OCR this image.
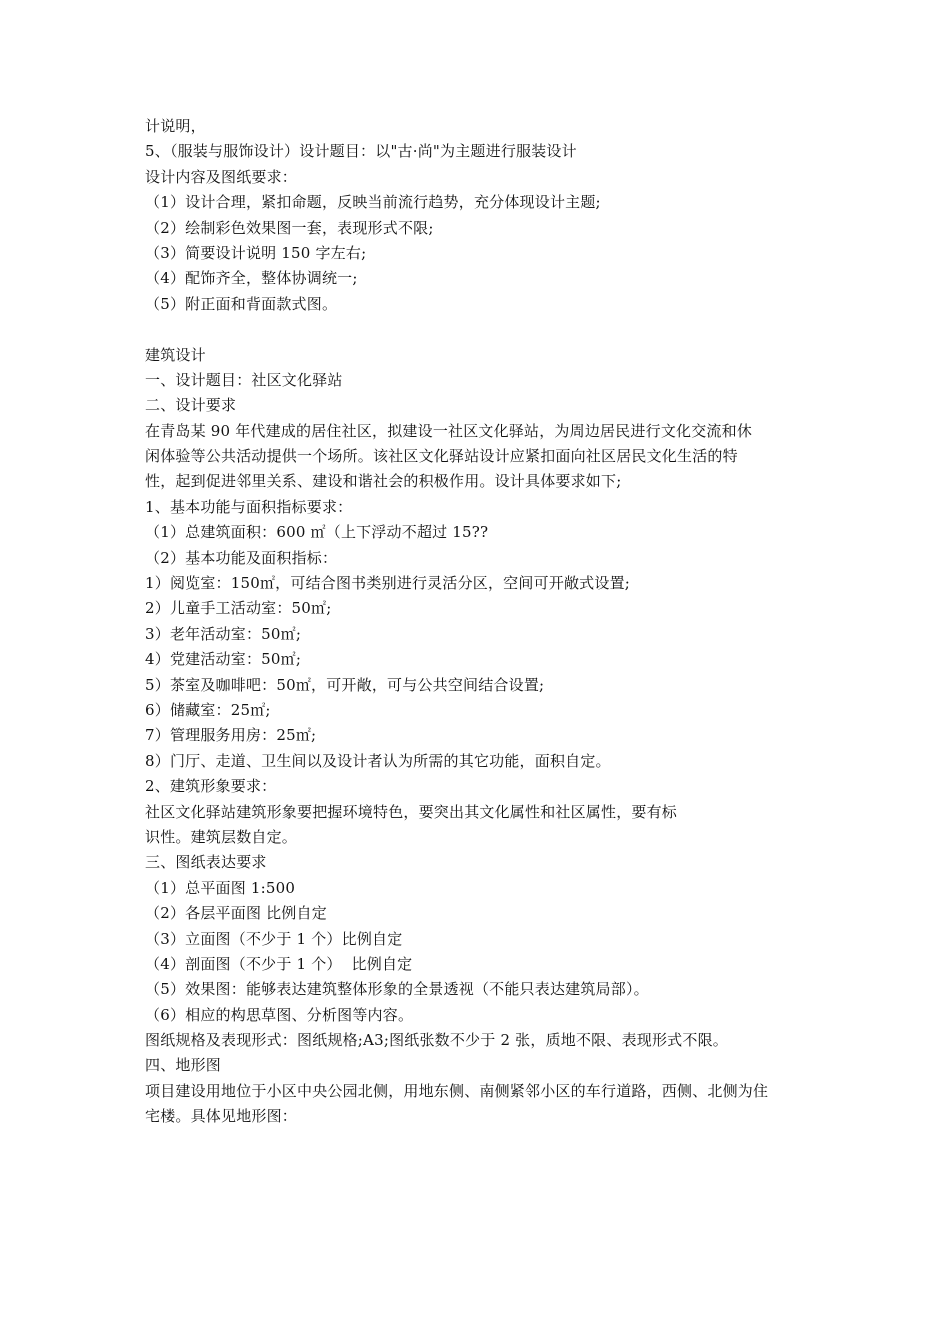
计说明，
5、（服装与服饰设计）设计题目：以"古·尚"为主题进行服装设计
设计内容及图纸要求：
（1）设计合理，紧扣命题，反映当前流行趋势，充分体现设计主题;
（2）绘制彩色效果图一套，表现形式不限;
（3）简要设计说明 150 字左右;
（4）配饰齐全，整体协调统一;
（5）附正面和背面款式图。
建筑设计
一、设计题目：社区文化驿站
二、设计要求
在青岛某 90 年代建成的居住社区，拟建设一社区文化驿站，为周边居民进行文化交流和休
闲体验等公共活动提供一个场所。该社区文化驿站设计应紧扣面向社区居民文化生活的特
性，起到促进邻里关系、建设和谐社会的积极作用。设计具体要求如下;
1、基本功能与面积指标要求：
（1）总建筑面积：600 ㎡（上下浮动不超过 15??
（2）基本功能及面积指标：
1）阅览室：150㎡，可结合图书类别进行灵活分区，空间可开敞式设置;
2）儿童手工活动室：50㎡;
3）老年活动室：50㎡;
4）党建活动室：50㎡;
5）茶室及咖啡吧：50㎡，可开敞，可与公共空间结合设置;
6）储藏室：25㎡;
7）管理服务用房：25㎡;
8）门厅、走道、卫生间以及设计者认为所需的其它功能，面积自定。
2、建筑形象要求：
社区文化驿站建筑形象要把握环境特色，要突出其文化属性和社区属性，要有标
识性。建筑层数自定。
三、图纸表达要求
（1）总平面图 1:500
（2）各层平面图 比例自定
（3）立面图（不少于 1 个）比例自定
（4）剖面图（不少于 1 个）  比例自定
（5）效果图：能够表达建筑整体形象的全景透视（不能只表达建筑局部）。
（6）相应的构思草图、分析图等内容。
图纸规格及表现形式：图纸规格;A3;图纸张数不少于 2 张，质地不限、表现形式不限。
四、地形图
项目建设用地位于小区中央公园北侧，用地东侧、南侧紧邻小区的车行道路，西侧、北侧为住
宅楼。具体见地形图：
